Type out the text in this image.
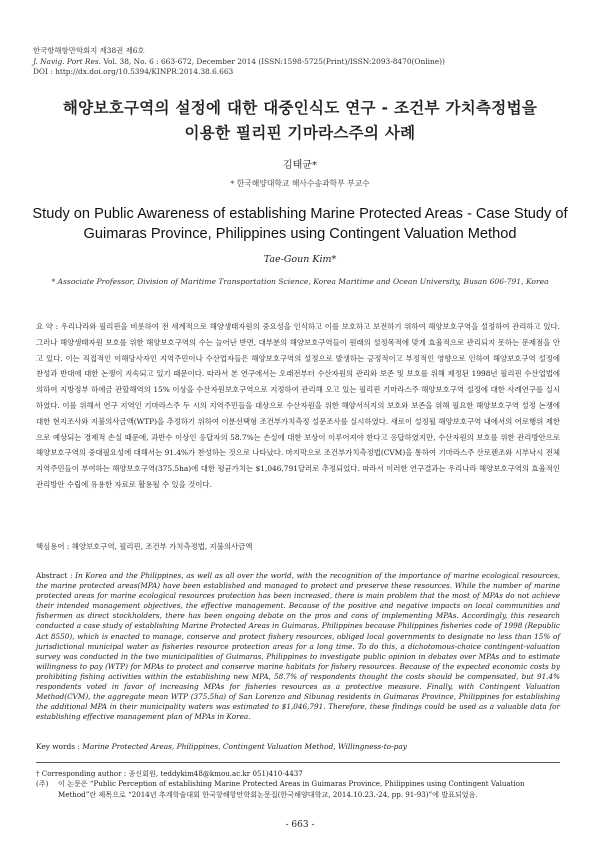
한국항해항만학회지 제38권 제6호
J. Navig. Port Res. Vol. 38, No. 6 : 663-672, December 2014 (ISSN:1598-5725(Print)/ISSN:2093-8470(Online))
DOI : http://dx.doi.org/10.5394/KINPR.2014.38.6.663
해양보호구역의 설정에 대한 대중인식도 연구 - 조건부 가치측정법을
이용한 필리핀 기마라스주의 사례
김태균*
* 한국해양대학교 해사수송과학부 부교수
Study on Public Awareness of establishing Marine Protected Areas - Case Study of
Guimaras Province, Philippines using Contingent Valuation Method
Tae-Goun Kim*
* Associate Professor, Division of Maritime Transportation Science, Korea Maritime and Ocean University, Busan 606-791, Korea
요 약 : 우리나라와 필리핀을 비롯하여 전 세계적으로 해양생태자원의 중요성을 인식하고 이를 보호하고 보전하기 위하여 해양보호구역을 설정하여 관리하고 있다. 그러나 해양생태자원 보호를 위한 해양보호구역의 수는 늘어난 반면, 대부분의 해양보호구역들이 원래의 설정목적에 맞게 효율적으로 관리되지 못하는 문제점을 안고 있다. 이는 직접적인 이해당사자인 지역주민이나 수산업자들은 해양보호구역의 설정으로 발생하는 긍정적이고 부정적인 영향으로 인하여 해양보호구역 설정에 찬성과 반대에 대한 논쟁이 지속되고 있기 때문이다. 따라서 본 연구에서는 오래전부터 수산자원의 관리와 보존 및 보호를 위해 제정된 1998년 필리핀 수산업법에 의하여 지방정부 하에금 관할해역의 15% 이상을 수산자원보호구역으로 지정하여 관리해 오고 있는 필리핀 기마라스주 해양보호구역 설정에 대한 사례연구를 실시하였다. 이를 위해서 연구 지역인 기마라스주 두 시의 지역주민들을 대상으로 수산자원을 위한 해양서식지의 보호와 보존을 위해 필요한 해양보호구역 설정 논쟁에 대한 현지조사와 지불의사금액(WTP)을 추정하기 위하여 이분선택형 조건부가치측정 설문조사를 실시하였다. 새로이 설정될 해양보호구역 내에서의 어로행위 제한으로 예상되는 경제적 손실 때문에, 과반수 이상인 응답자의 58.7%는 손실에 대한 보상이 이루어져야 한다고 응답하였지만, 수산자원의 보호를 위한 관리방안으로 해양보호구역의 중대필요성에 대해서는 91.4%가 찬성하는 것으로 나타났다. 마지막으로 조건부가치측정법(CVM)을 통하여 기마라스주 산로렌조와 시부낙시 전체 지역주민들이 부여하는 해양보호구역(375.5ha)에 대한 평균가치는 $1,046,791달러로 추정되었다. 따라서 이러한 연구결과는 우리나라 해양보호구역의 효율적인 관리방안 수립에 유용한 자료로 활용될 수 있을 것이다.
핵심용어 : 해양보호구역, 필리핀, 조건부 가치측정법, 지불의사금액
Abstract : In Korea and the Philippines, as well as all over the world, with the recognition of the importance of marine ecological resources, the marine protected areas(MPA) have been established and managed to protect and preserve these resources. While the number of marine protected areas for marine ecological resources protection has been increased, there is main problem that the most of MPAs do not achieve their intended management objectives, the effective management. Because of the positive and negative impacts on local communities and fishermen as direct stockholders, there has been ongoing debate on the pros and cons of implementing MPAs. Accordingly, this research conducted a case study of establishing Marine Protected Areas in Guimaras, Philippines because Philippines fisheries code of 1998 (Republic Act 8550), which is enacted to manage, conserve and protect fishery resources, obliged local governments to designate no less than 15% of jurisdictional municipal water as fisheries resource protection areas for a long time. To do this, a dichotomous-choice contingent-valuation survey was conducted in the two municipalities of Guimaras, Philippines to investigate public opinion in debates over MPAs and to estimate willingness to pay (WTP) for MPAs to protect and conserve marine habitats for fishery resources. Because of the expected economic costs by prohibiting fishing activities within the establishing new MPA, 58.7% of respondents thought the costs should be compensated, but 91.4% respondents voted in favor of increasing MPAs for fisheries resources as a protective measure. Finally, with Contingent Valuation Method(CVM), the aggregate mean WTP (375.5ha) of San Lorenzo and Sibunag residents in Guimaras Province, Philippines for establishing the additional MPA in their municipality waters was estimated to $1,046,791. Therefore, these findings could be used as a valuable data for establishing effective management plan of MPAs in Korea.
Key words : Marine Protected Areas, Philippines, Contingent Valuation Method, Willingness-to-pay

† Corresponding author : 종신회원, teddykim48@kmou.ac.kr 051)410-4437

(주)	이 논문은 “Public Perception of establishing Marine Protected Areas in Guimaras Province, Philippines using Contingent Valuation Method”란 제목으로 “2014년 추계학술대회 한국항해항만학회논문집(한국해양대학교, 2014.10.23.-24, pp. 91-93)”에 발표되었음.
- 663 -
